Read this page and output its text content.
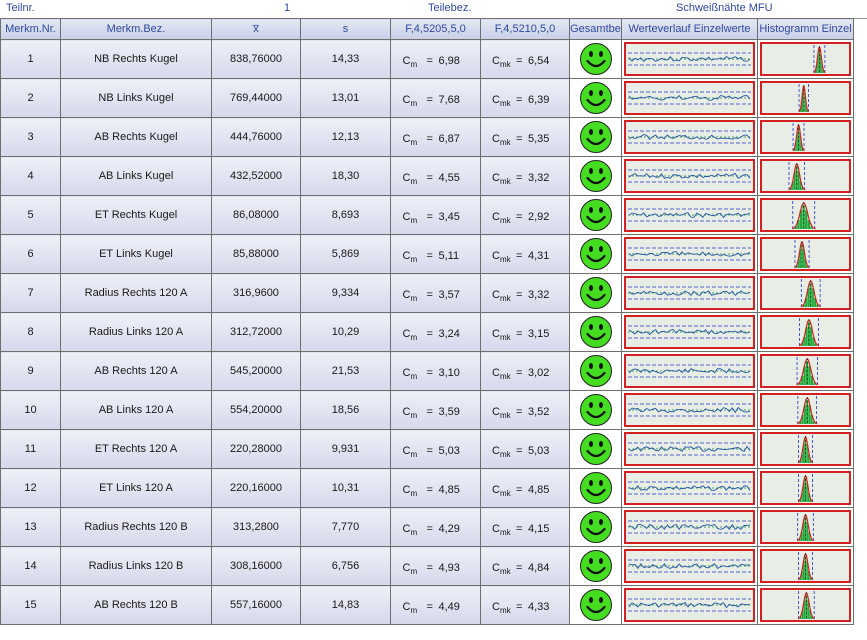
Teilnr.	1	Teilebez.	Schweißnähte MFU
Merkm.Nr.	Merkm.Bez.	x̅	s	F,4,5205,5,0	F,4,5210,5,0	Gesamtbe	Werteverlauf Einzelwerte	Histogramm Einzel
1	NB Rechts Kugel	838,76000	14,33	$C_m = 6,98$	$C_{mk} = 6,54$

2	NB Links Kugel	769,44000	13,01	$C_m = 7,68$	$C_{mk} = 6,39$

3	AB Rechts Kugel	444,76000	12,13	$C_m = 6,87$	$C_{mk} = 5,35$

4	AB Links Kugel	432,52000	18,30	$C_m = 4,55$	$C_{mk} = 3,32$

5	ET Rechts Kugel	86,08000	8,693	$C_m = 3,45$	$C_{mk} = 2,92$

6	ET Links Kugel	85,88000	5,869	$C_m = 5,11$	$C_{mk} = 4,31$

7	Radius Rechts 120 A	316,9600	9,334	$C_m = 3,57$	$C_{mk} = 3,32$

8	Radius Links 120 A	312,72000	10,29	$C_m = 3,24$	$C_{mk} = 3,15$

9	AB Rechts 120 A	545,20000	21,53	$C_m = 3,10$	$C_{mk} = 3,02$

10	AB Links 120 A	554,20000	18,56	$C_m = 3,59$	$C_{mk} = 3,52$

11	ET Rechts 120 A	220,28000	9,931	$C_m = 5,03$	$C_{mk} = 5,03$

12	ET Links 120 A	220,16000	10,31	$C_m = 4,85$	$C_{mk} = 4,85$

13	Radius Rechts 120 B	313,2800	7,770	$C_m = 4,29$	$C_{mk} = 4,15$

14	Radius Links 120 B	308,16000	6,756	$C_m = 4,93$	$C_{mk} = 4,84$

15	AB Rechts 120 B	557,16000	14,83	$C_m = 4,49$	$C_{mk} = 4,33$
